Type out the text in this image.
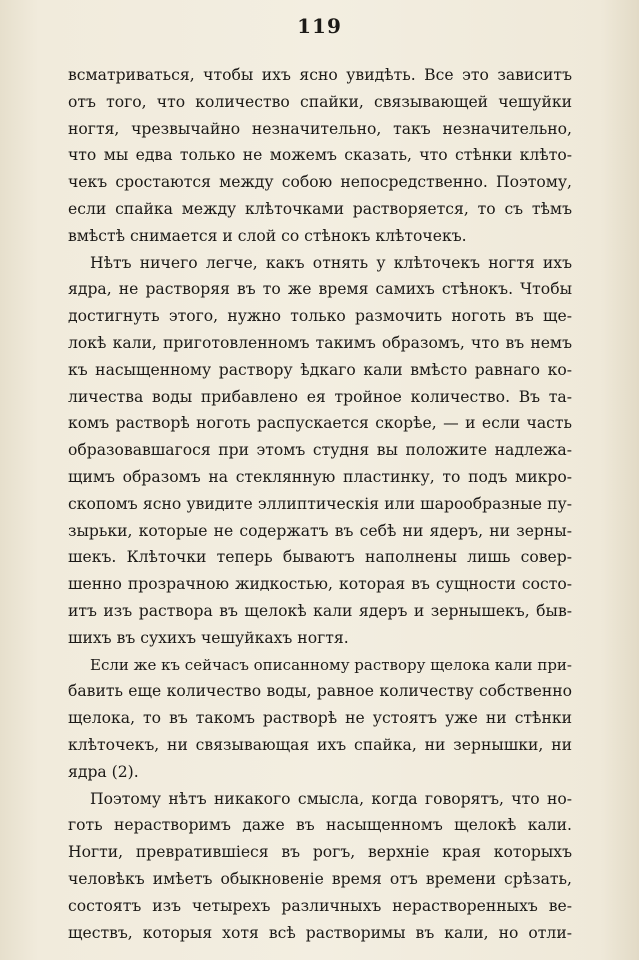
119
всматриваться, чтобы ихъ ясно увидѣть. Все это зависитъ
отъ того, что количество спайки, связывающей чешуйки
ногтя, чрезвычайно незначительно, такъ незначительно,
что мы едва только не можемъ сказать, что стѣнки клѣто-
чекъ сростаются между собою непосредственно. Поэтому,
если спайка между клѣточками растворяется, то съ тѣмъ
вмѣстѣ снимается и слой со стѣнокъ клѣточекъ.
Нѣтъ ничего легче, какъ отнять у клѣточекъ ногтя ихъ
ядра, не растворяя въ то же время самихъ стѣнокъ. Чтобы
достигнуть этого, нужно только размочить ноготь въ ще-
локѣ кали, приготовленномъ такимъ образомъ, что въ немъ
къ насыщенному раствору ѣдкаго кали вмѣсто равнаго ко-
личества воды прибавлено ея тройное количество. Въ та-
комъ растворѣ ноготь распускается скорѣе, — и если часть
образовавшагося при этомъ студня вы положите надлежа-
щимъ образомъ на стеклянную пластинку, то подъ микро-
скопомъ ясно увидите эллиптическія или шарообразные пу-
зырьки, которые не содержатъ въ себѣ ни ядеръ, ни зерны-
шекъ. Клѣточки теперь бываютъ наполнены лишь совер-
шенно прозрачною жидкостью, которая въ сущности состо-
итъ изъ раствора въ щелокѣ кали ядеръ и зернышекъ, быв-
шихъ въ сухихъ чешуйкахъ ногтя.
Если же къ сейчасъ описанному раствору щелока кали при-
бавить еще количество воды, равное количеству собственно
щелока, то въ такомъ растворѣ не устоятъ уже ни стѣнки
клѣточекъ, ни связывающая ихъ спайка, ни зернышки, ни
ядра (2).
Поэтому нѣтъ никакого смысла, когда говорятъ, что но-
готь нерастворимъ даже въ насыщенномъ щелокѣ кали.
Ногти, превратившіеся въ рогъ, верхніе края которыхъ
человѣкъ имѣетъ обыкновеніе время отъ времени срѣзать,
состоятъ изъ четырехъ различныхъ нерастворенныхъ ве-
ществъ, которыя хотя всѣ растворимы въ кали, но отли-
